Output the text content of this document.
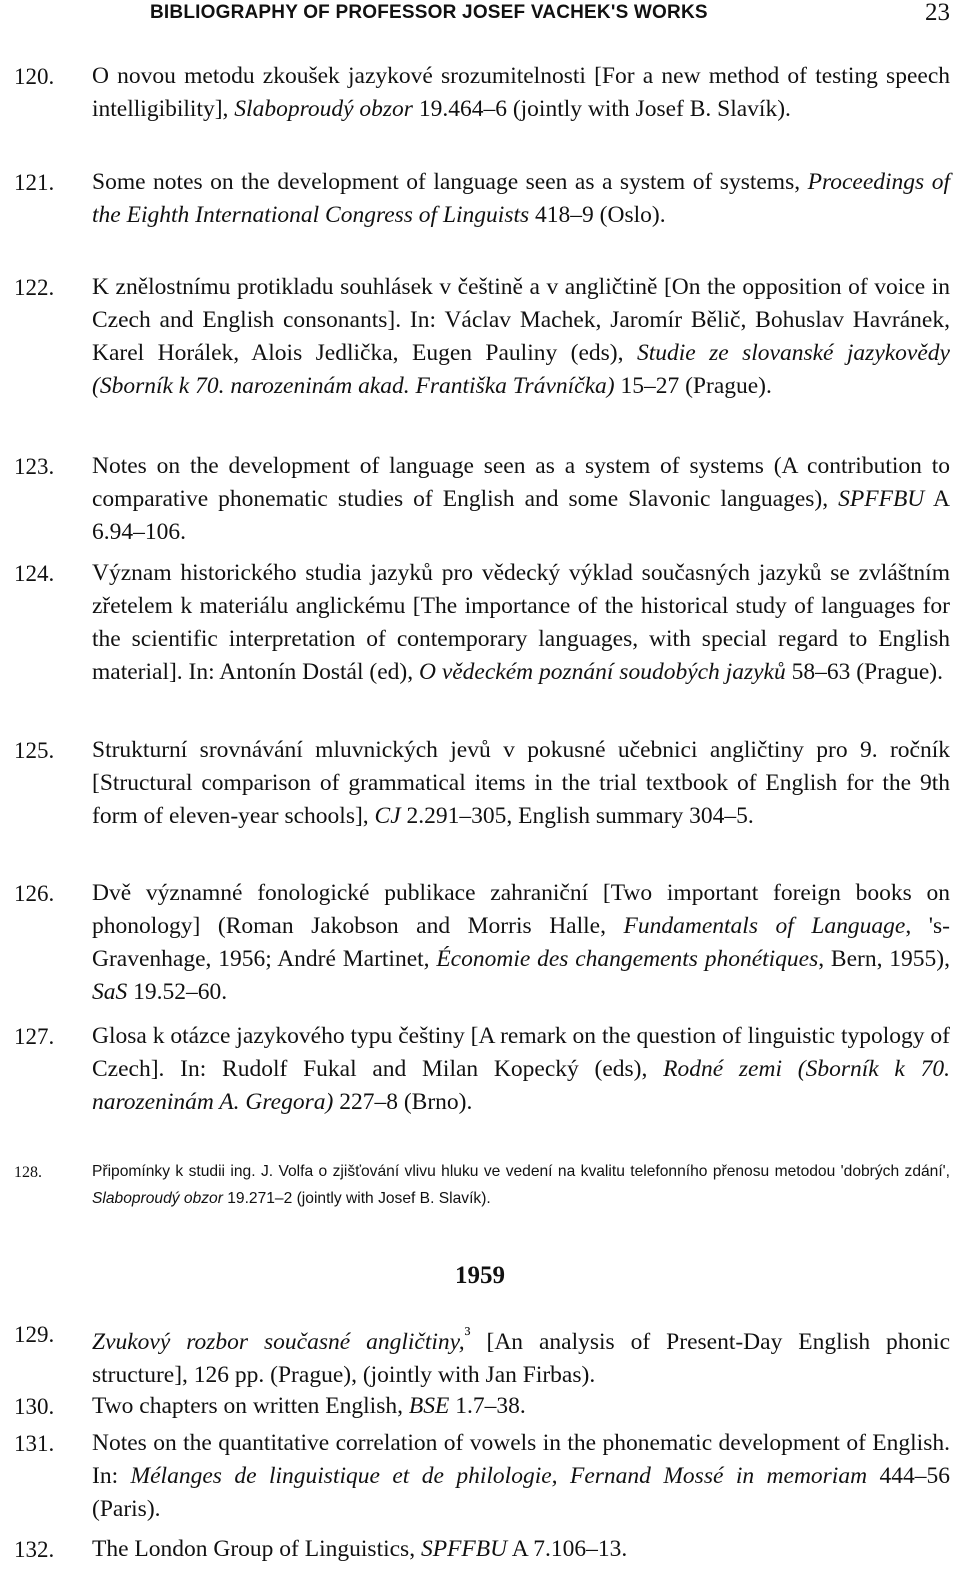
BIBLIOGRAPHY OF PROFESSOR JOSEF VACHEK'S WORKS	23
120. O novou metodu zkoušek jazykové srozumitelnosti [For a new method of testing speech intelligibility], Slaboproudý obzor 19.464–6 (jointly with Josef B. Slavík).
121. Some notes on the development of language seen as a system of systems, Proceedings of the Eighth International Congress of Linguists 418–9 (Oslo).
122. K znělostnímu protikladu souhlásek v češtině a v angličtině [On the opposition of voice in Czech and English consonants]. In: Václav Machek, Jaromír Bělič, Bohuslav Havránek, Karel Horálek, Alois Jedlička, Eugen Pauliny (eds), Studie ze slovanské jazykovědy (Sborník k 70. narozeninám akad. Františka Trávníčka) 15–27 (Prague).
123. Notes on the development of language seen as a system of systems (A contribution to comparative phonematic studies of English and some Slavonic languages), SPFFBU A 6.94–106.
124. Význam historického studia jazyků pro vědecký výklad současných jazyků se zvláštním zřetelem k materiálu anglickému [The importance of the historical study of languages for the scientific interpretation of contemporary languages, with special regard to English material]. In: Antonín Dostál (ed), O vědeckém poznání soudobých jazyků 58–63 (Prague).
125. Strukturní srovnávání mluvnických jevů v pokusné učebnici angličtiny pro 9. ročník [Structural comparison of grammatical items in the trial textbook of English for the 9th form of eleven-year schools], CJ 2.291–305, English summary 304–5.
126. Dvě významné fonologické publikace zahraniční [Two important foreign books on phonology] (Roman Jakobson and Morris Halle, Fundamentals of Language, 's-Gravenhage, 1956; André Martinet, Économie des changements phonétiques, Bern, 1955), SaS 19.52–60.
127. Glosa k otázce jazykového typu češtiny [A remark on the question of linguistic typology of Czech]. In: Rudolf Fukal and Milan Kopecký (eds), Rodné zemi (Sborník k 70. narozeninám A. Gregora) 227–8 (Brno).
128.	Připomínky k studii ing. J. Volfa o zjišťování vlivu hluku ve vedení na kvalitu telefonního přenosu metodou 'dobrých zdání', Slaboproudý obzor 19.271–2 (jointly with Josef B. Slavík).
1959
129. Zvukový rozbor současné angličtiny,$^{^3}$ [An analysis of Present-Day English phonic structure], 126 pp. (Prague), (jointly with Jan Firbas).
130. Two chapters on written English, BSE 1.7–38.
131. Notes on the quantitative correlation of vowels in the phonematic development of English. In: Mélanges de linguistique et de philologie, Fernand Mossé in memoriam 444–56 (Paris).
132. The London Group of Linguistics, SPFFBU A 7.106–13.
